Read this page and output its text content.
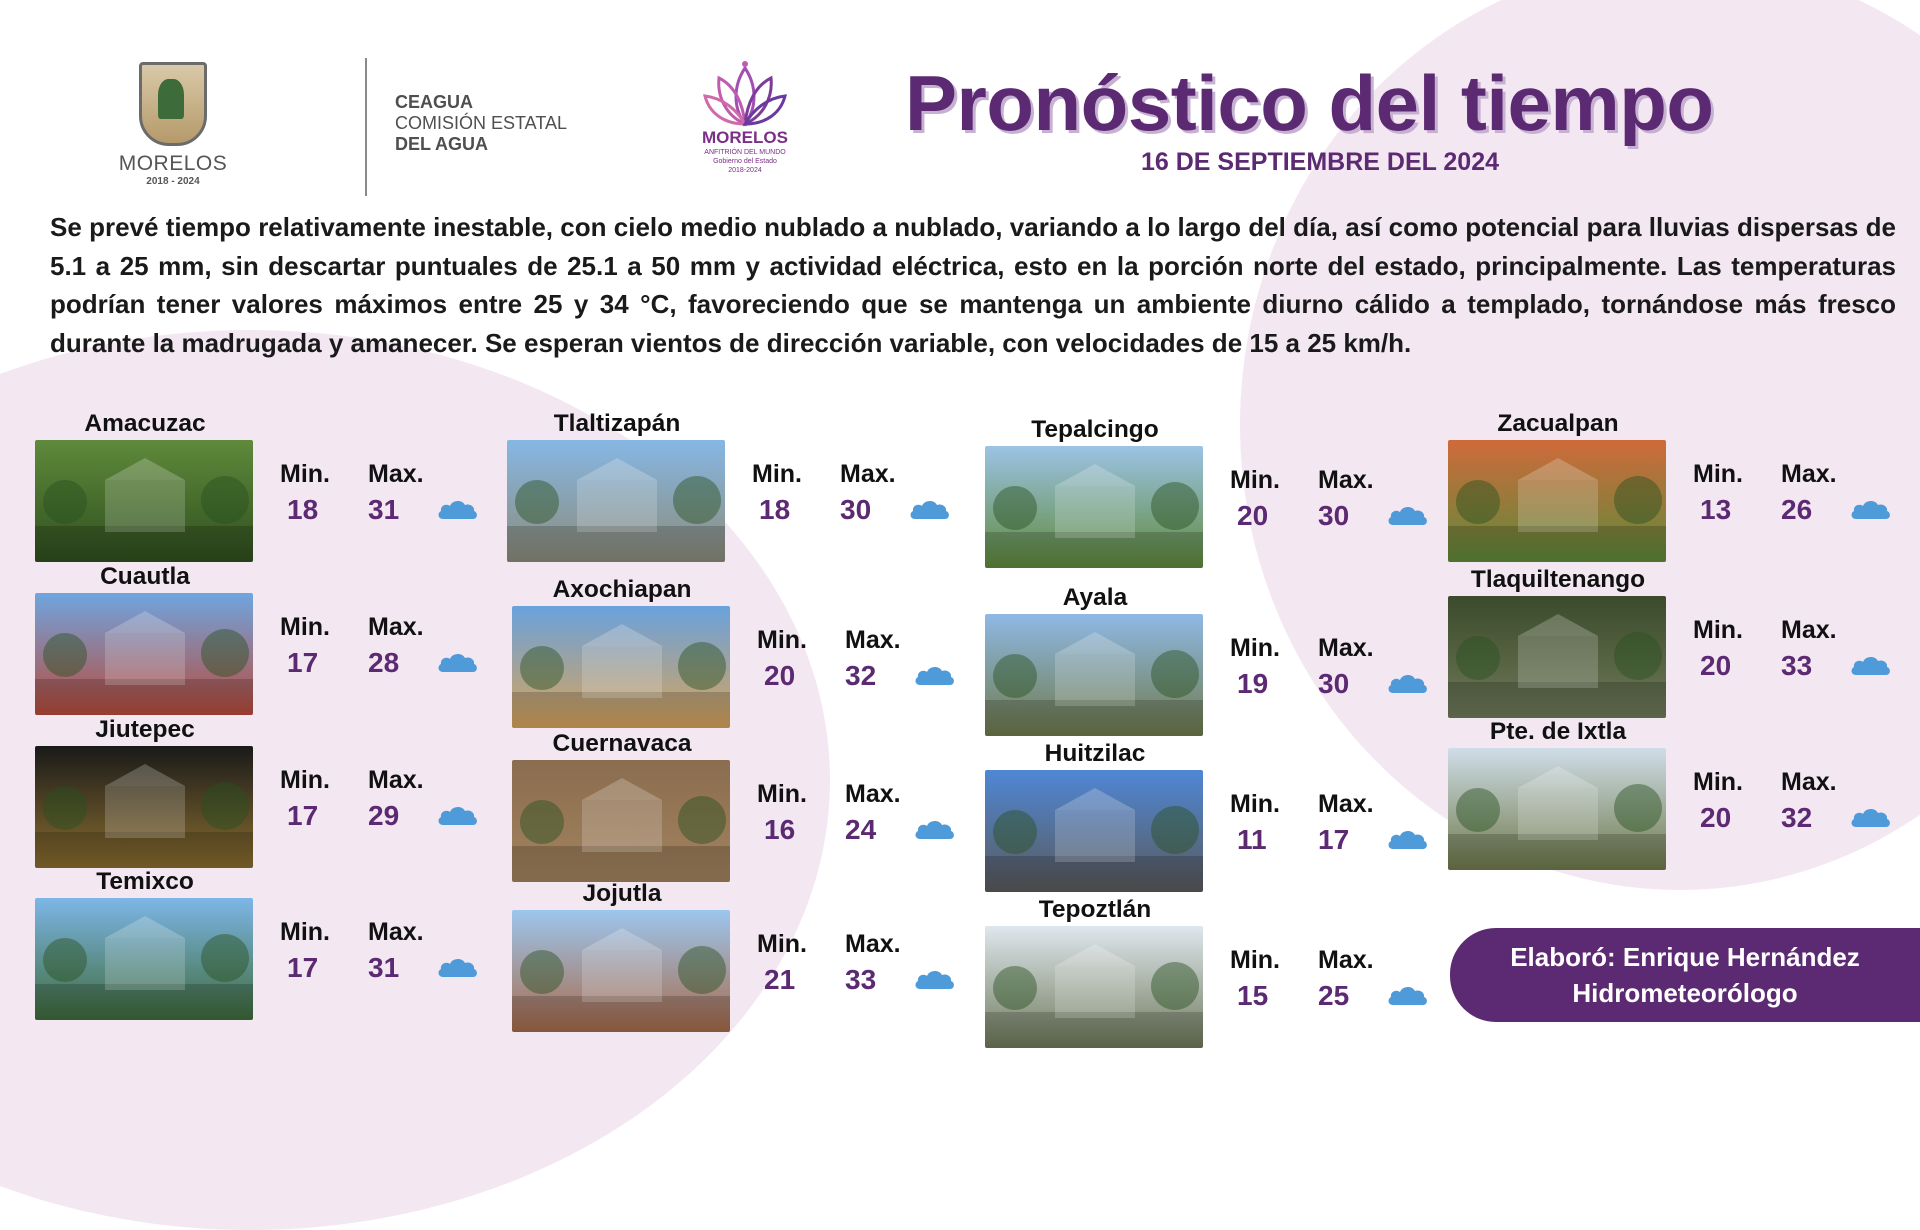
MORELOS
2018 - 2024
CEAGUA
COMISIÓN ESTATAL
DEL AGUA	MORELOS
ANFITRIÓN DEL MUNDO
Gobierno del Estado
2018-2024
Pronóstico del tiempo
16 DE SEPTIEMBRE DEL 2024
Se prevé tiempo relativamente inestable, con cielo medio nublado a nublado, variando a lo largo del día, así como potencial para lluvias dispersas de 5.1 a 25 mm, sin descartar puntuales de 25.1 a 50 mm y actividad eléctrica, esto en la porción norte del estado, principalmente. Las temperaturas podrían tener valores máximos entre 25 y 34 °C, favoreciendo que se mantenga un ambiente diurno cálido a templado, tornándose más fresco durante la madrugada y amanecer. Se esperan vientos de dirección variable, con velocidades de 15 a 25 km/h.
Amacuzac
Min. Max.
18 31
Cuautla
Min. Max.
17 28
Jiutepec
Min. Max.
17 29
Temixco
Min. Max.
17 31
Tlaltizapán
Min. Max.
18 30
Axochiapan
Min. Max.
20 32
Cuernavaca
Min. Max.
16 24
Jojutla
Min. Max.
21 33
Tepalcingo
Min. Max.
20 30
Ayala
Min. Max.
19 30
Huitzilac
Min. Max.
11 17
Tepoztlán
Min. Max.
15 25
Zacualpan
Min. Max.
13 26
Tlaquiltenango
Min. Max.
20 33
Pte. de Ixtla
Min. Max.
20 32
Elaboró: Enrique Hernández
Hidrometeorólogo
